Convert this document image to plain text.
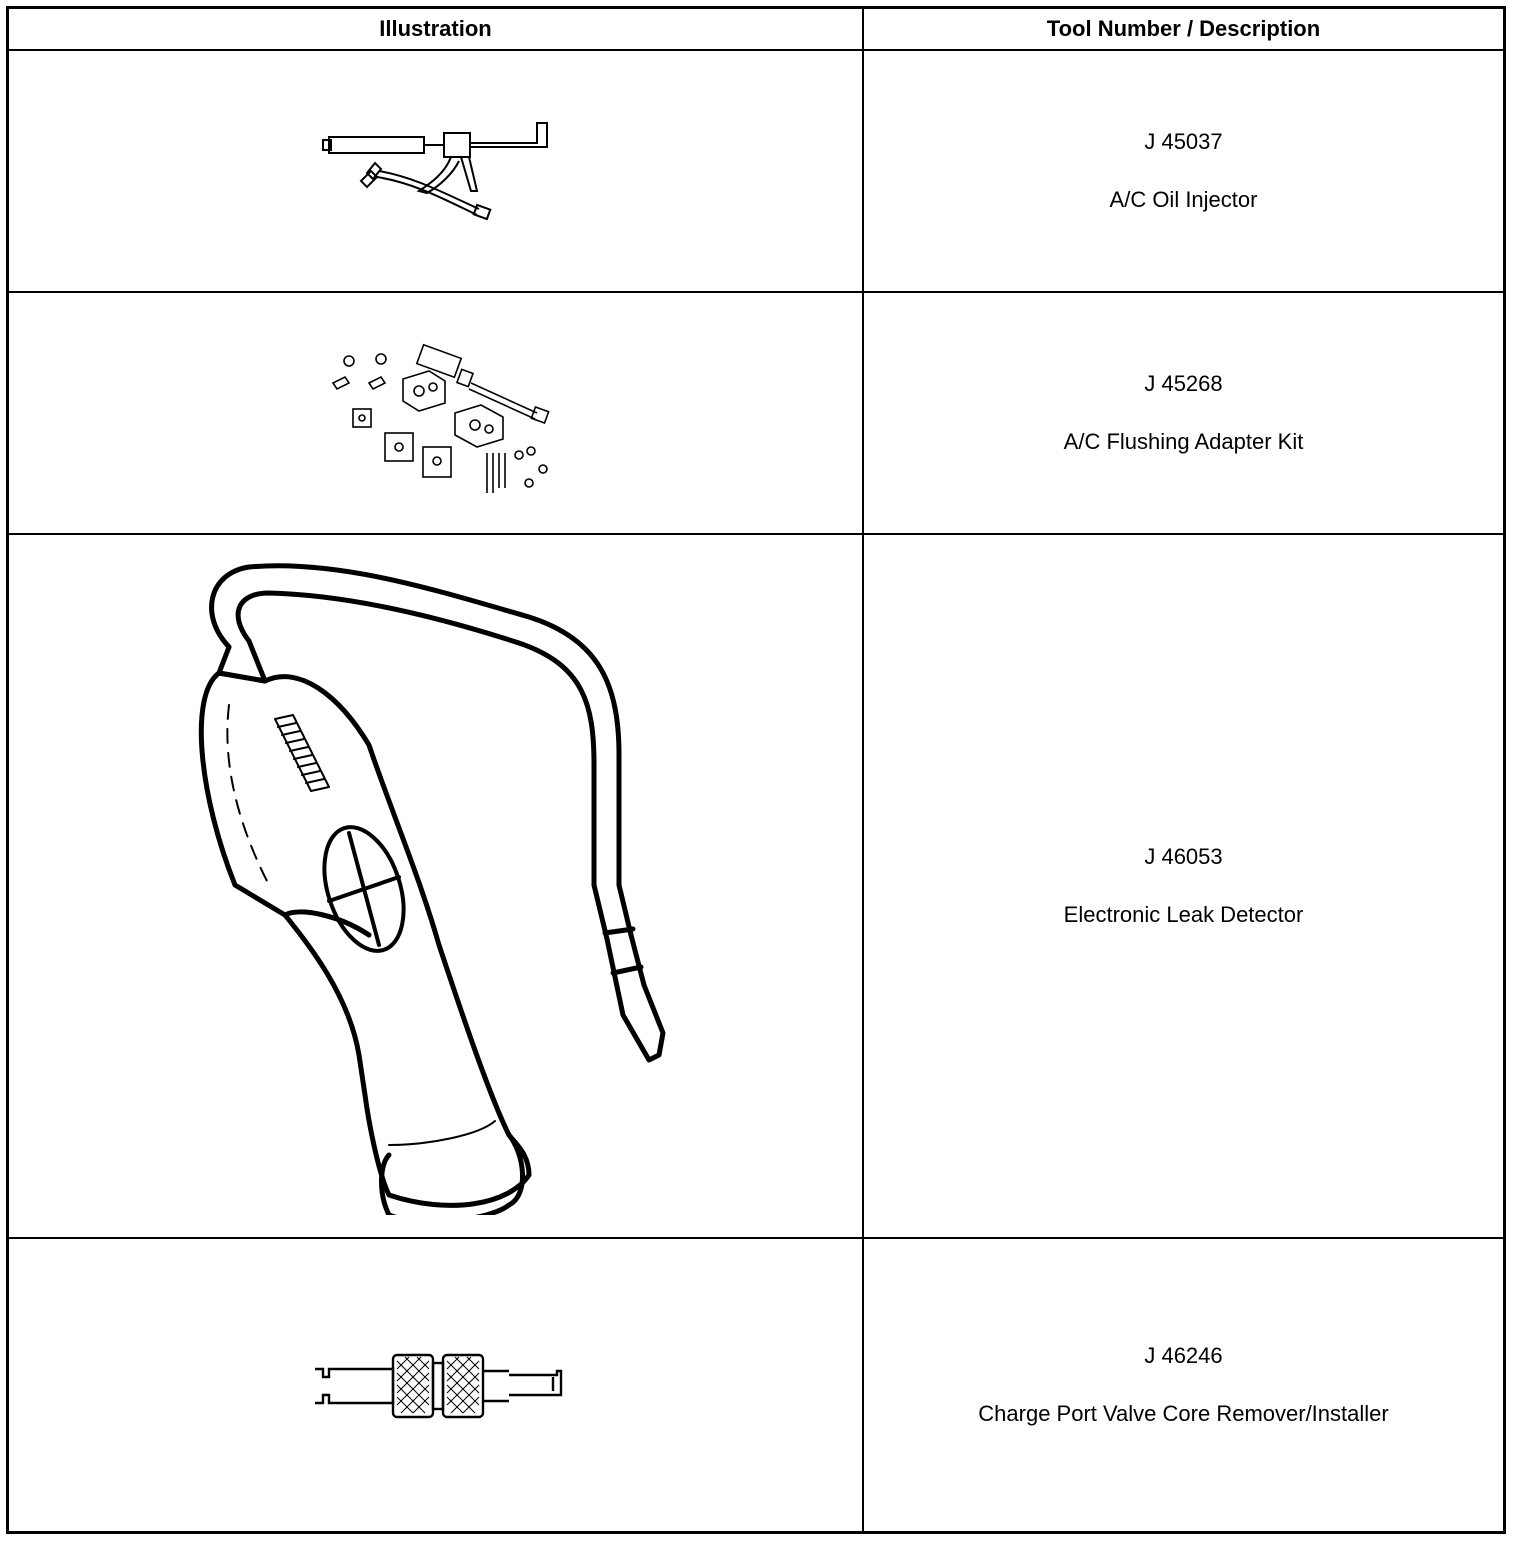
Illustration	Tool Number / Description
J 45037
A/C Oil Injector
J 45268
A/C Flushing Adapter Kit
J 46053
Electronic Leak Detector
J 46246
Charge Port Valve Core Remover/Installer
